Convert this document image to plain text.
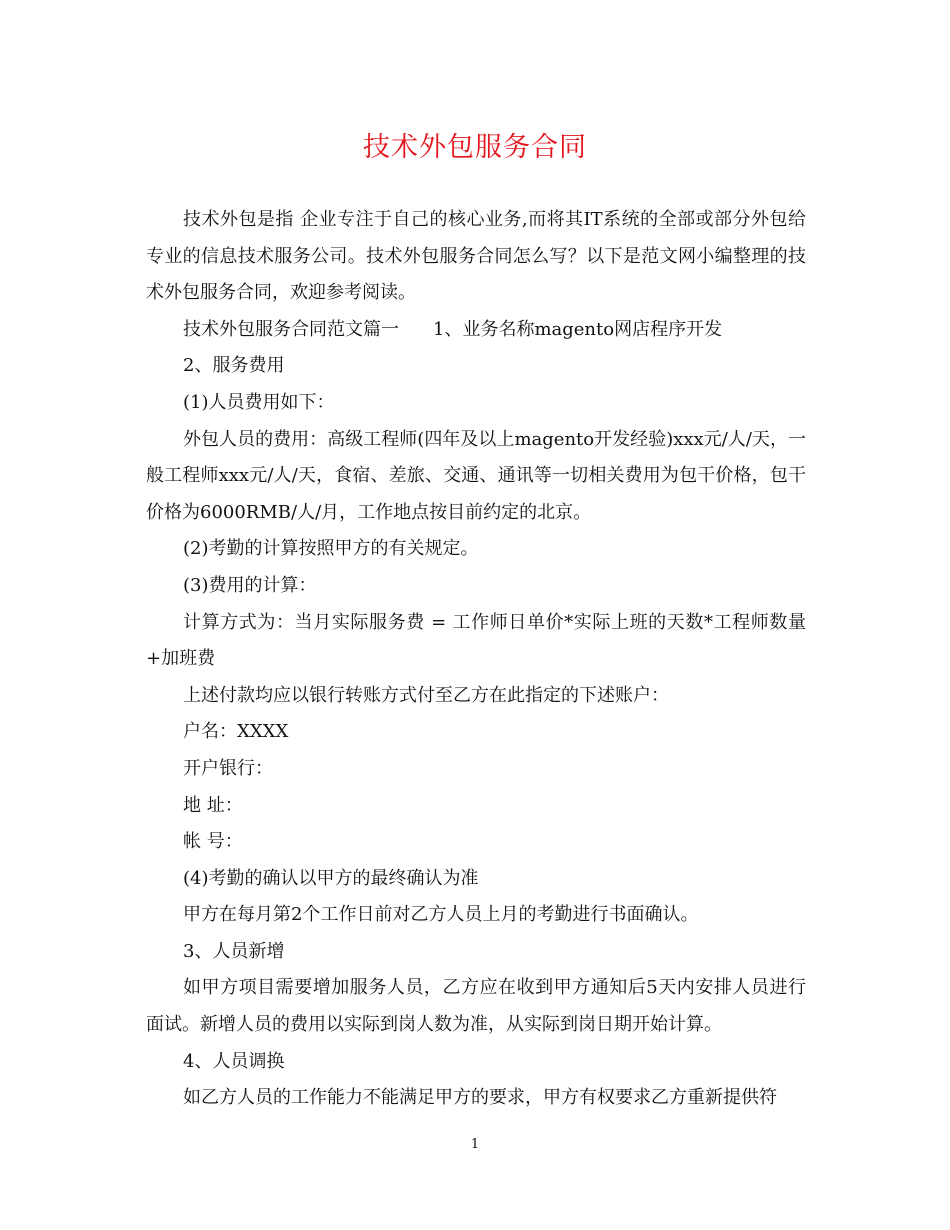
技术外包服务合同

技术外包是指 企业专注于自己的核心业务,而将其IT系统的全部或部分外包给专业的信息技术服务公司。技术外包服务合同怎么写？以下是范文网小编整理的技术外包服务合同，欢迎参考阅读。

技术外包服务合同范文篇一 1、业务名称magento网店程序开发

2、服务费用

(1)人员费用如下：

外包人员的费用：高级工程师(四年及以上magento开发经验)xxx元/人/天，一般工程师xxx元/人/天，食宿、差旅、交通、通讯等一切相关费用为包干价格，包干价格为6000RMB/人/月，工作地点按目前约定的北京。

(2)考勤的计算按照甲方的有关规定。

(3)费用的计算：

计算方式为：当月实际服务费 = 工作师日单价*实际上班的天数*工程师数量+加班费

上述付款均应以银行转账方式付至乙方在此指定的下述账户：

户名：XXXX

开户银行：

地 址：

帐 号：

(4)考勤的确认以甲方的最终确认为准

甲方在每月第2个工作日前对乙方人员上月的考勤进行书面确认。

3、人员新增

如甲方项目需要增加服务人员，乙方应在收到甲方通知后5天内安排人员进行面试。新增人员的费用以实际到岗人数为准，从实际到岗日期开始计算。

4、人员调换

如乙方人员的工作能力不能满足甲方的要求，甲方有权要求乙方重新提供符

1
